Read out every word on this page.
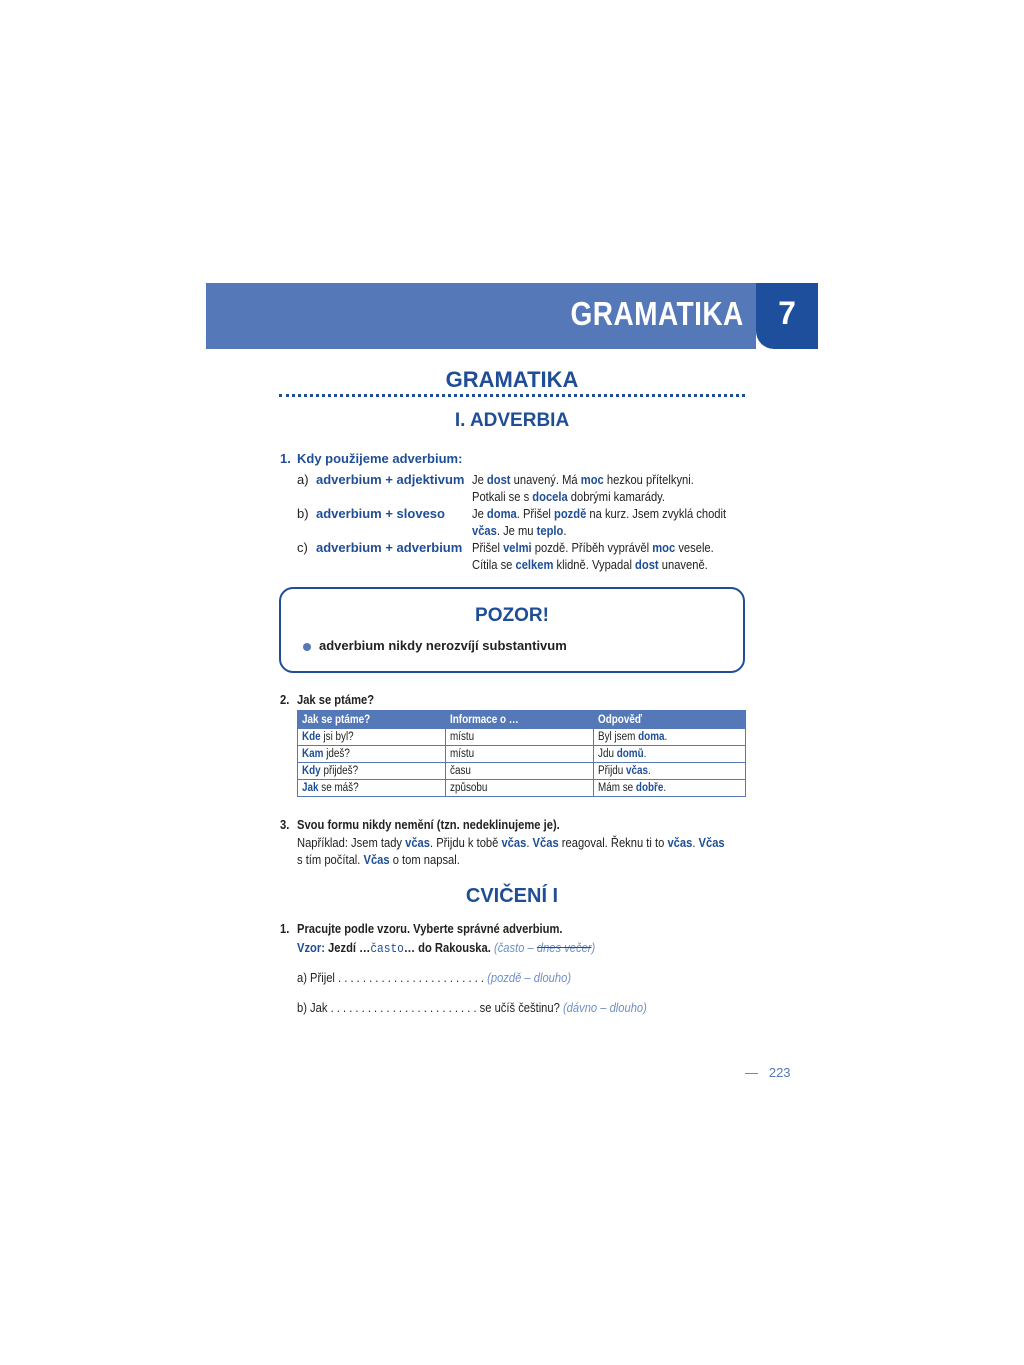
GRAMATIKA	7
GRAMATIKA
I. ADVERBIA
1. Kdy použijeme adverbium:
a) adverbium + adjektivum Je dost unavený. Má moc hezkou přítelkyni.
Potkali se s docela dobrými kamarády.
b) adverbium + sloveso Je doma. Přišel pozdě na kurz. Jsem zvyklá chodit
včas. Je mu teplo.
c) adverbium + adverbium Přišel velmi pozdě. Příběh vyprávěl moc vesele.
Cítila se celkem klidně. Vypadal dost unaveně.
POZOR!
adverbium nikdy nerozvíjí substantivum
2. Jak se ptáme?
Jak se ptáme?	Informace o …	Odpověď
Kde jsi byl?	místu	Byl jsem doma.
Kam jdeš?	místu	Jdu domů.
Kdy přijdeš?	času	Přijdu včas.
Jak se máš?	způsobu	Mám se dobře.
3. Svou formu nikdy nemění (tzn. nedeklinujeme je).
Například: Jsem tady včas. Přijdu k tobě včas. Včas reagoval. Řeknu ti to včas. Včas
s tím počítal. Včas o tom napsal.
CVIČENÍ I
1. Pracujte podle vzoru. Vyberte správné adverbium.
Vzor: Jezdí …často… do Rakouska. (často – dnes večer)
a) Přijel . . . . . . . . . . . . . . . . . . . . . . . . (pozdě – dlouho)
b) Jak . . . . . . . . . . . . . . . . . . . . . . . . se učíš češtinu? (dávno – dlouho)
— 223
